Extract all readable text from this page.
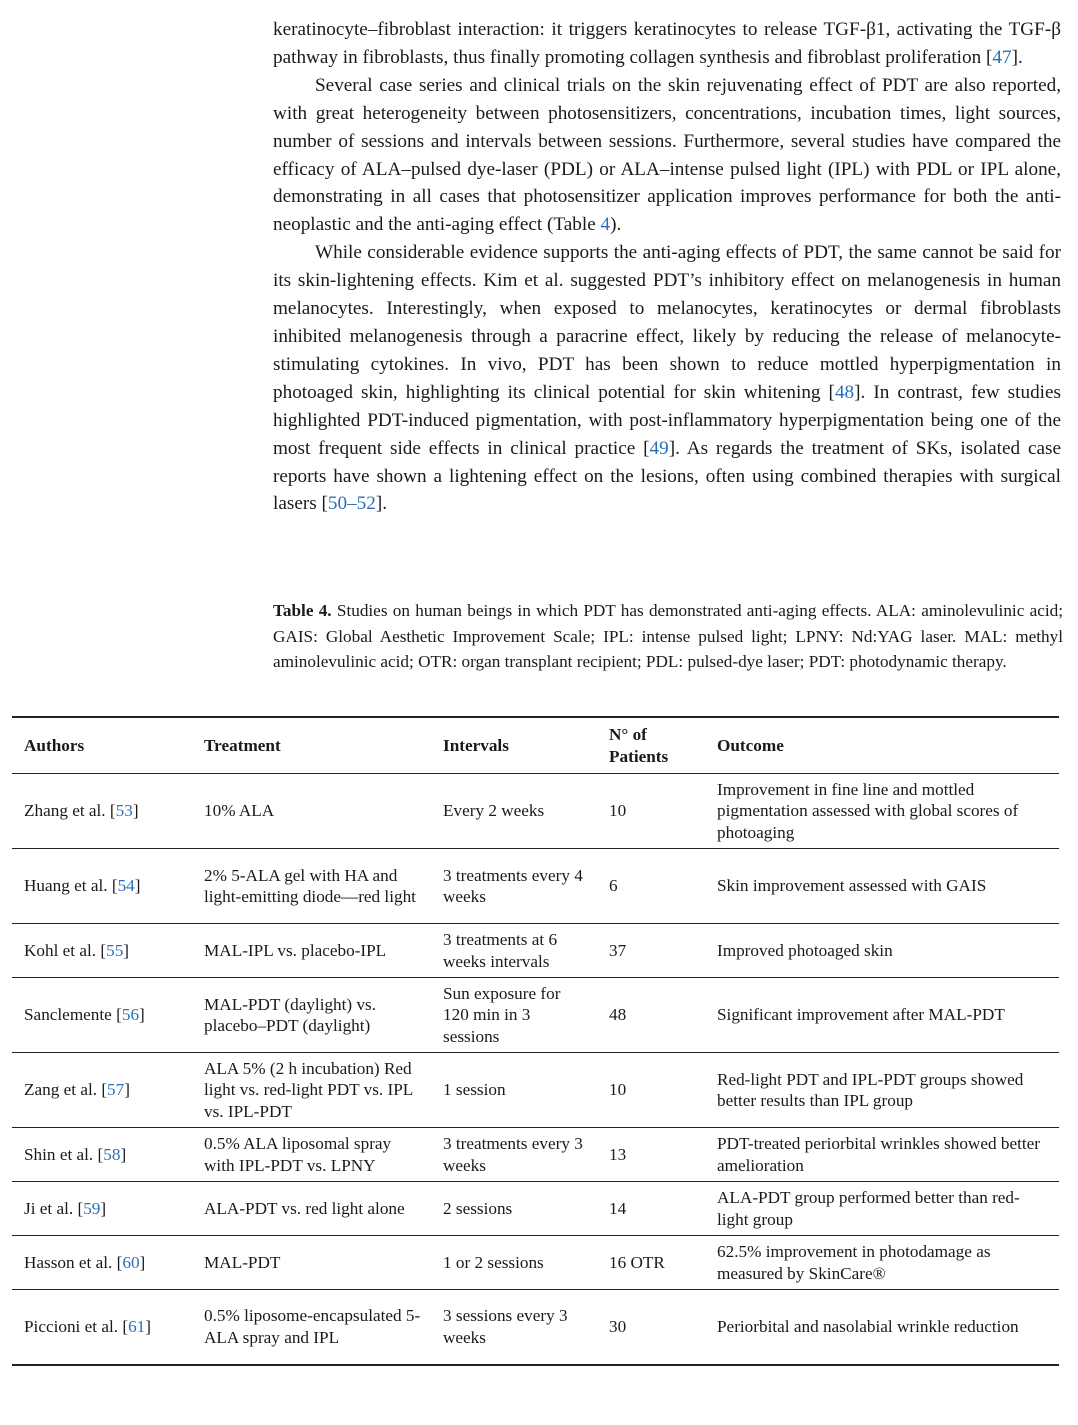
keratinocyte–fibroblast interaction: it triggers keratinocytes to release TGF-β1, activating the TGF-β pathway in fibroblasts, thus finally promoting collagen synthesis and fibroblast proliferation [47].

Several case series and clinical trials on the skin rejuvenating effect of PDT are also reported, with great heterogeneity between photosensitizers, concentrations, incubation times, light sources, number of sessions and intervals between sessions. Furthermore, several studies have compared the efficacy of ALA–pulsed dye-laser (PDL) or ALA–intense pulsed light (IPL) with PDL or IPL alone, demonstrating in all cases that photosensitizer application improves performance for both the anti-neoplastic and the anti-aging effect (Table 4).

While considerable evidence supports the anti-aging effects of PDT, the same cannot be said for its skin-lightening effects. Kim et al. suggested PDT’s inhibitory effect on melanogenesis in human melanocytes. Interestingly, when exposed to melanocytes, keratinocytes or dermal fibroblasts inhibited melanogenesis through a paracrine effect, likely by reducing the release of melanocyte-stimulating cytokines. In vivo, PDT has been shown to reduce mottled hyperpigmentation in photoaged skin, highlighting its clinical potential for skin whitening [48]. In contrast, few studies highlighted PDT-induced pigmentation, with post-inflammatory hyperpigmentation being one of the most frequent side effects in clinical practice [49]. As regards the treatment of SKs, isolated case reports have shown a lightening effect on the lesions, often using combined therapies with surgical lasers [50–52].

Table 4. Studies on human beings in which PDT has demonstrated anti-aging effects. ALA: aminolevulinic acid; GAIS: Global Aesthetic Improvement Scale; IPL: intense pulsed light; LPNY: Nd:YAG laser. MAL: methyl aminolevulinic acid; OTR: organ transplant recipient; PDL: pulsed-dye laser; PDT: photodynamic therapy.
Authors	Treatment	Intervals	N° of Patients	Outcome
Zhang et al. [53]	10% ALA	Every 2 weeks	10	Improvement in fine line and mottled pigmentation assessed with global scores of photoaging
Huang et al. [54]	2% 5-ALA gel with HA and light-emitting diode—red light	3 treatments every 4 weeks	6	Skin improvement assessed with GAIS
Kohl et al. [55]	MAL-IPL vs. placebo-IPL	3 treatments at 6 weeks intervals	37	Improved photoaged skin
Sanclemente [56]	MAL-PDT (daylight) vs. placebo–PDT (daylight)	Sun exposure for 120 min in 3 sessions	48	Significant improvement after MAL-PDT
Zang et al. [57]	ALA 5% (2 h incubation) Red light vs. red-light PDT vs. IPL vs. IPL-PDT	1 session	10	Red-light PDT and IPL-PDT groups showed better results than IPL group
Shin et al. [58]	0.5% ALA liposomal spray with IPL-PDT vs. LPNY	3 treatments every 3 weeks	13	PDT-treated periorbital wrinkles showed better amelioration
Ji et al. [59]	ALA-PDT vs. red light alone	2 sessions	14	ALA-PDT group performed better than red-light group
Hasson et al. [60]	MAL-PDT	1 or 2 sessions	16 OTR	62.5% improvement in photodamage as measured by SkinCare®
Piccioni et al. [61]	0.5% liposome-encapsulated 5-ALA spray and IPL	3 sessions every 3 weeks	30	Periorbital and nasolabial wrinkle reduction
